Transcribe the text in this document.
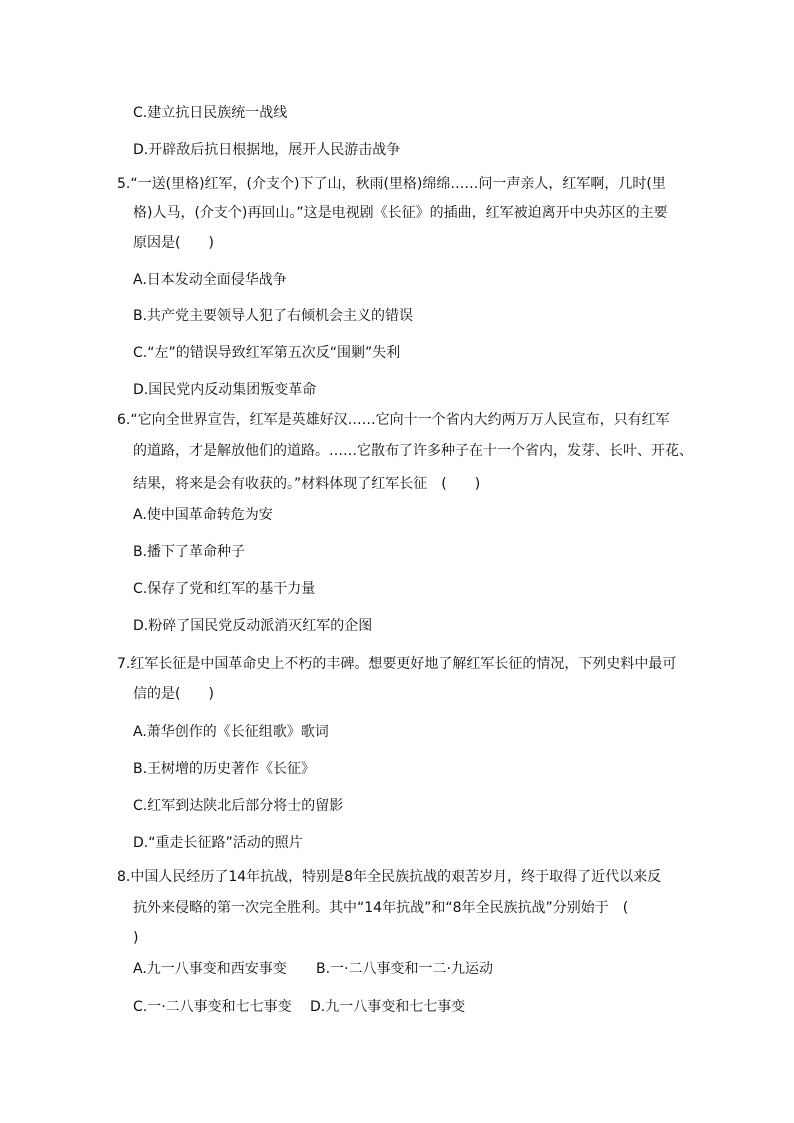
C.建立抗日民族统一战线
D.开辟敌后抗日根据地，展开人民游击战争
5.“一送(里格)红军，(介支个)下了山，秋雨(里格)绵绵……问一声亲人，红军啊，几时(里
格)人马，(介支个)再回山。”这是电视剧《长征》的插曲，红军被迫离开中央苏区的主要
原因是(　　)
A.日本发动全面侵华战争
B.共产党主要领导人犯了右倾机会主义的错误
C.“左”的错误导致红军第五次反“围剿”失利
D.国民党内反动集团叛变革命
6.“它向全世界宣告，红军是英雄好汉……它向十一个省内大约两万万人民宣布，只有红军
的道路，才是解放他们的道路。……它散布了许多种子在十一个省内，发芽、长叶、开花、
结果，将来是会有收获的。”材料体现了红军长征　(　　)
A.使中国革命转危为安
B.播下了革命种子
C.保存了党和红军的基干力量
D.粉碎了国民党反动派消灭红军的企图
7.红军长征是中国革命史上不朽的丰碑。想要更好地了解红军长征的情况，下列史料中最可
信的是(　　)
A.萧华创作的《长征组歌》歌词
B.王树增的历史著作《长征》
C.红军到达陕北后部分将士的留影
D.“重走长征路”活动的照片
8.中国人民经历了14年抗战，特别是8年全民族抗战的艰苦岁月，终于取得了近代以来反
抗外来侵略的第一次完全胜利。其中“14年抗战”和“8年全民族抗战”分别始于　(
)
A.九一八事变和西安事变 B.一·二八事变和一二·九运动
C.一·二八事变和七七事变 D.九一八事变和七七事变
